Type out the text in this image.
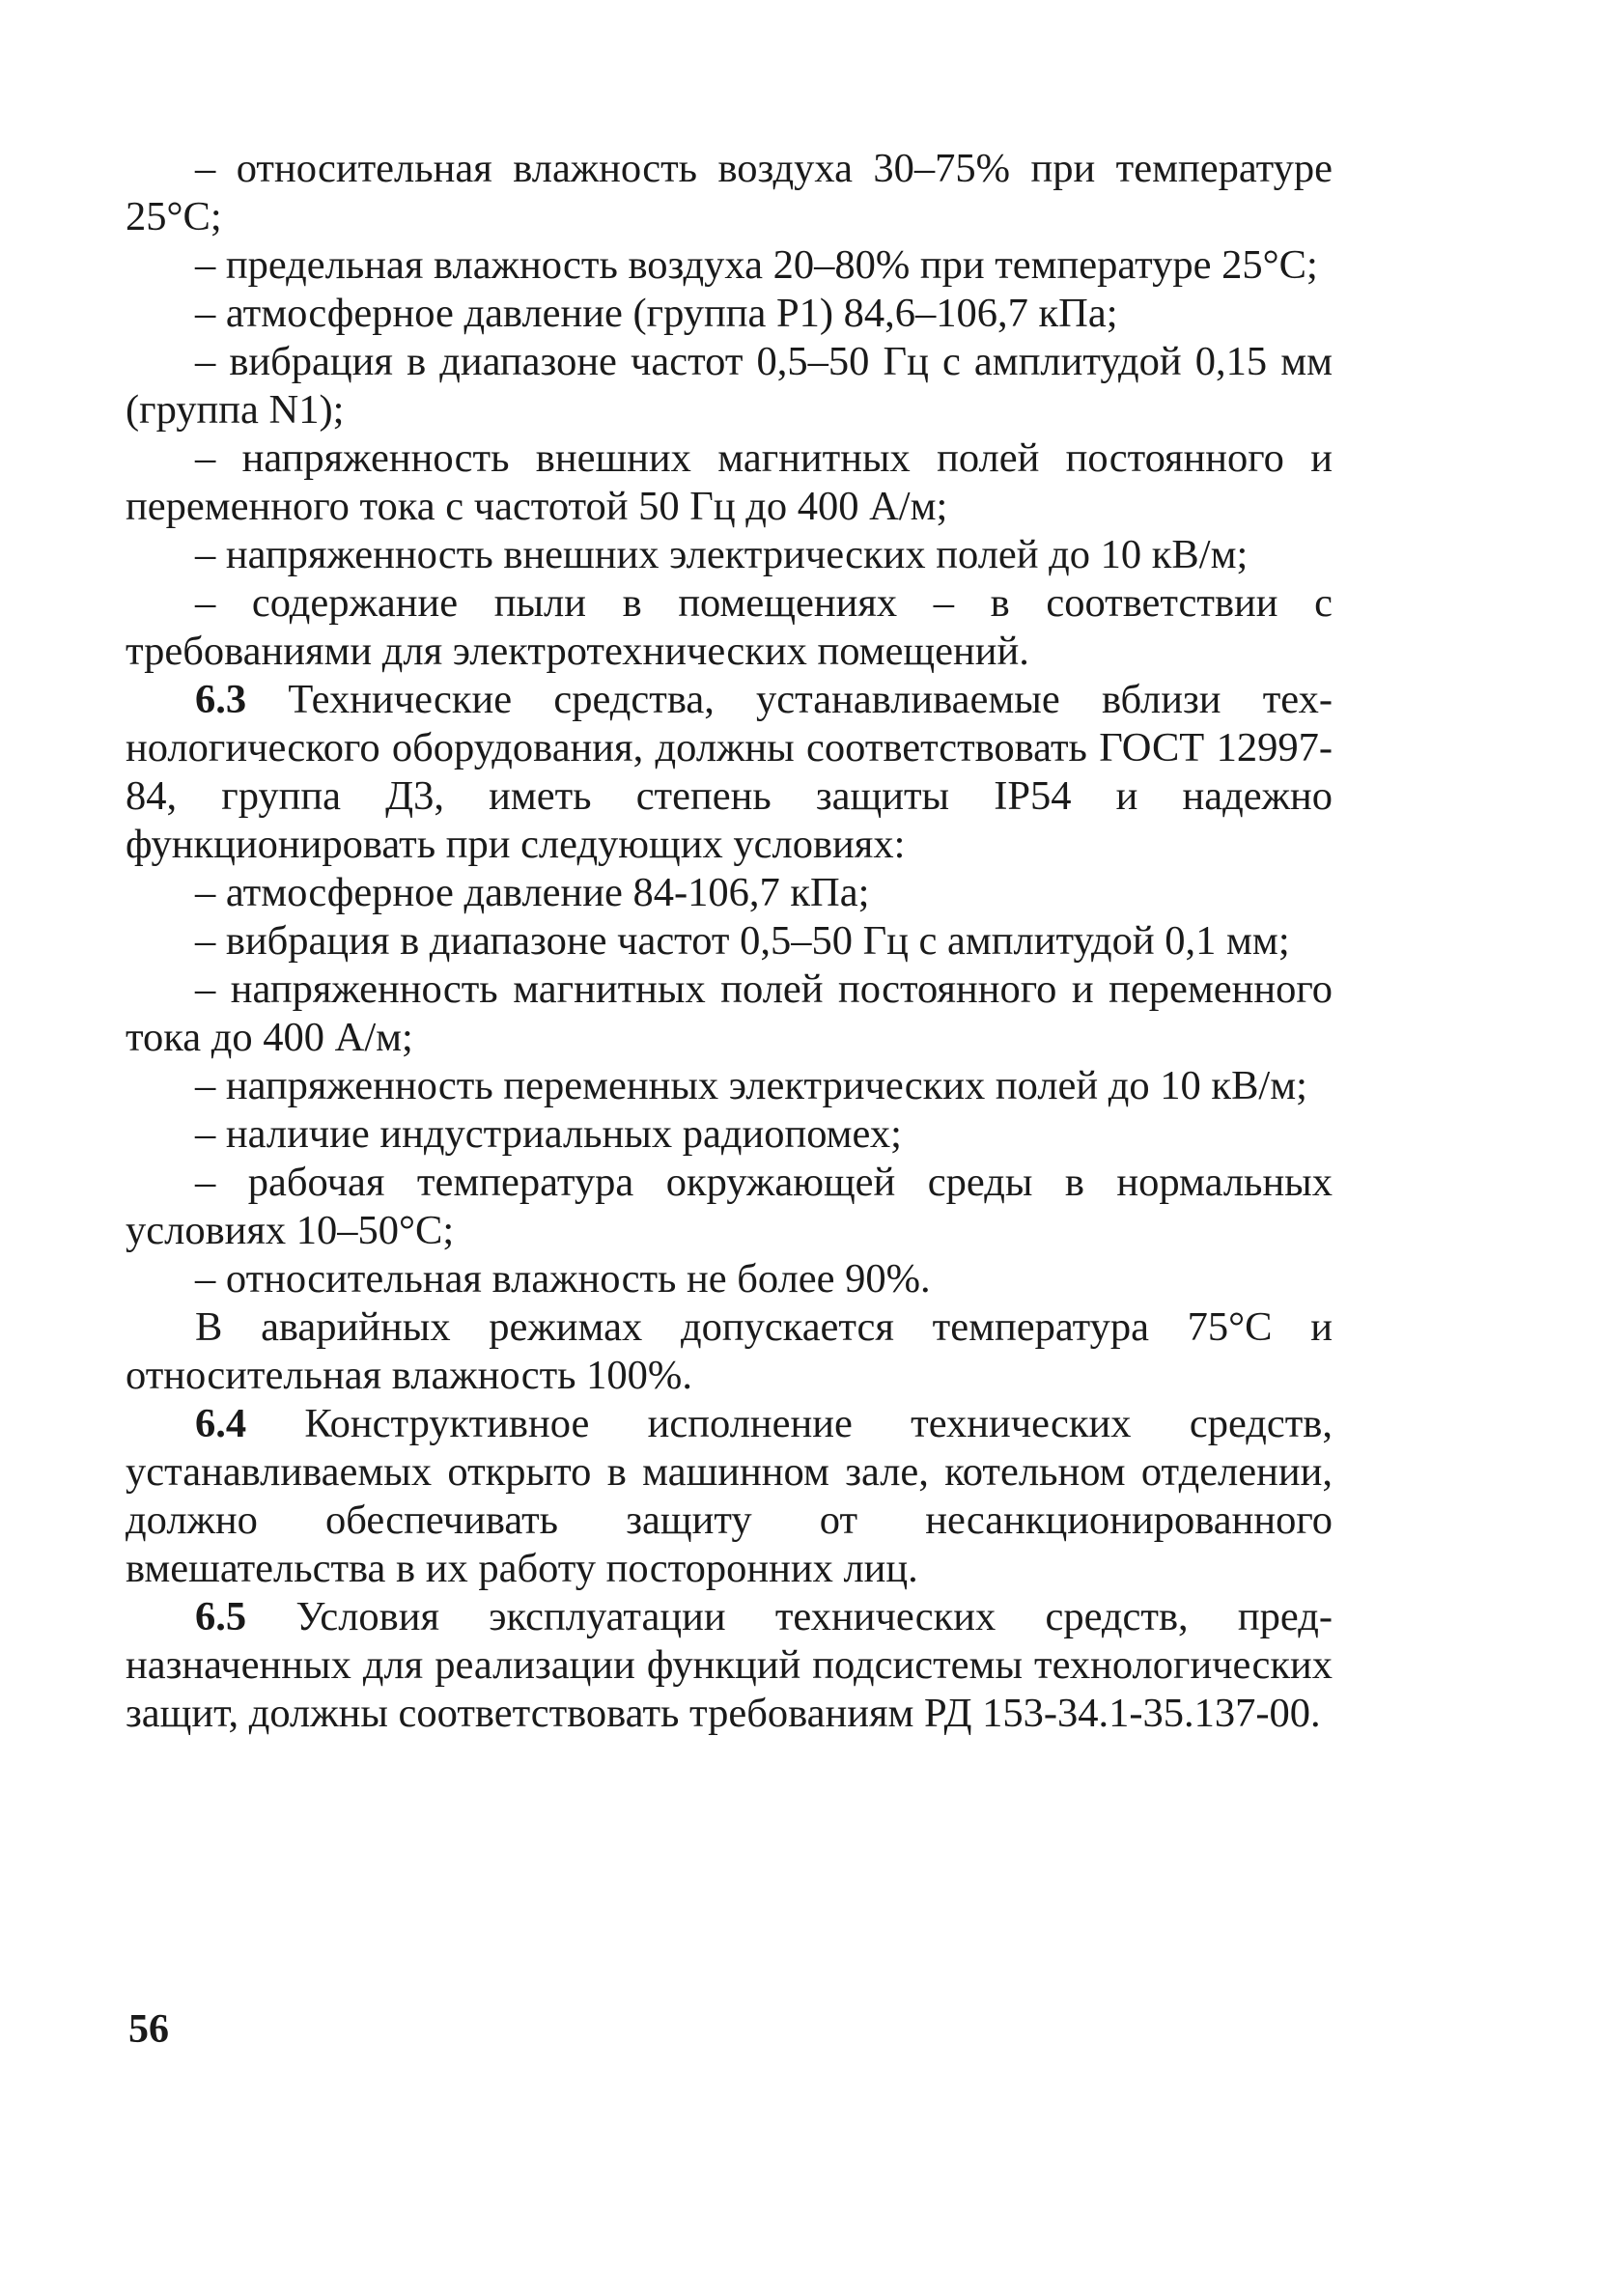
– относительная влажность воздуха 30–75% при температуре 25°С;

– предельная влажность воздуха 20–80% при температуре 25°С;

– атмосферное давление (группа Р1) 84,6–106,7 кПа;

– вибрация в диапазоне частот 0,5–50 Гц с амплитудой 0,15 мм (группа N1);

– напряженность внешних магнитных полей постоянного и переменного тока с частотой 50 Гц до 400 А/м;

– напряженность внешних электрических полей до 10 кВ/м;

– содержание пыли в помещениях – в соответствии с требованиями для электротехнических помещений.

6.3 Технические средства, устанавливаемые вблизи технологического оборудования, должны соответствовать ГОСТ 12997-84, группа Д3, иметь степень защиты IP54 и надежно функционировать при следующих условиях:

– атмосферное давление 84-106,7 кПа;

– вибрация в диапазоне частот 0,5–50 Гц с амплитудой 0,1 мм;

– напряженность магнитных полей постоянного и переменного тока до 400 А/м;

– напряженность переменных электрических полей до 10 кВ/м;

– наличие индустриальных радиопомех;

– рабочая температура окружающей среды в нормальных условиях 10–50°С;

– относительная влажность не более 90%.

В аварийных режимах допускается температура 75°С и относительная влажность 100%.

6.4 Конструктивное исполнение технических средств, устанавливаемых открыто в машинном зале, котельном отделении, должно обеспечивать защиту от несанкционированного вмешательства в их работу посторонних лиц.

6.5 Условия эксплуатации технических средств, предназначенных для реализации функций подсистемы технологических защит, должны соответствовать требованиям РД 153-34.1-35.137-00.

56
